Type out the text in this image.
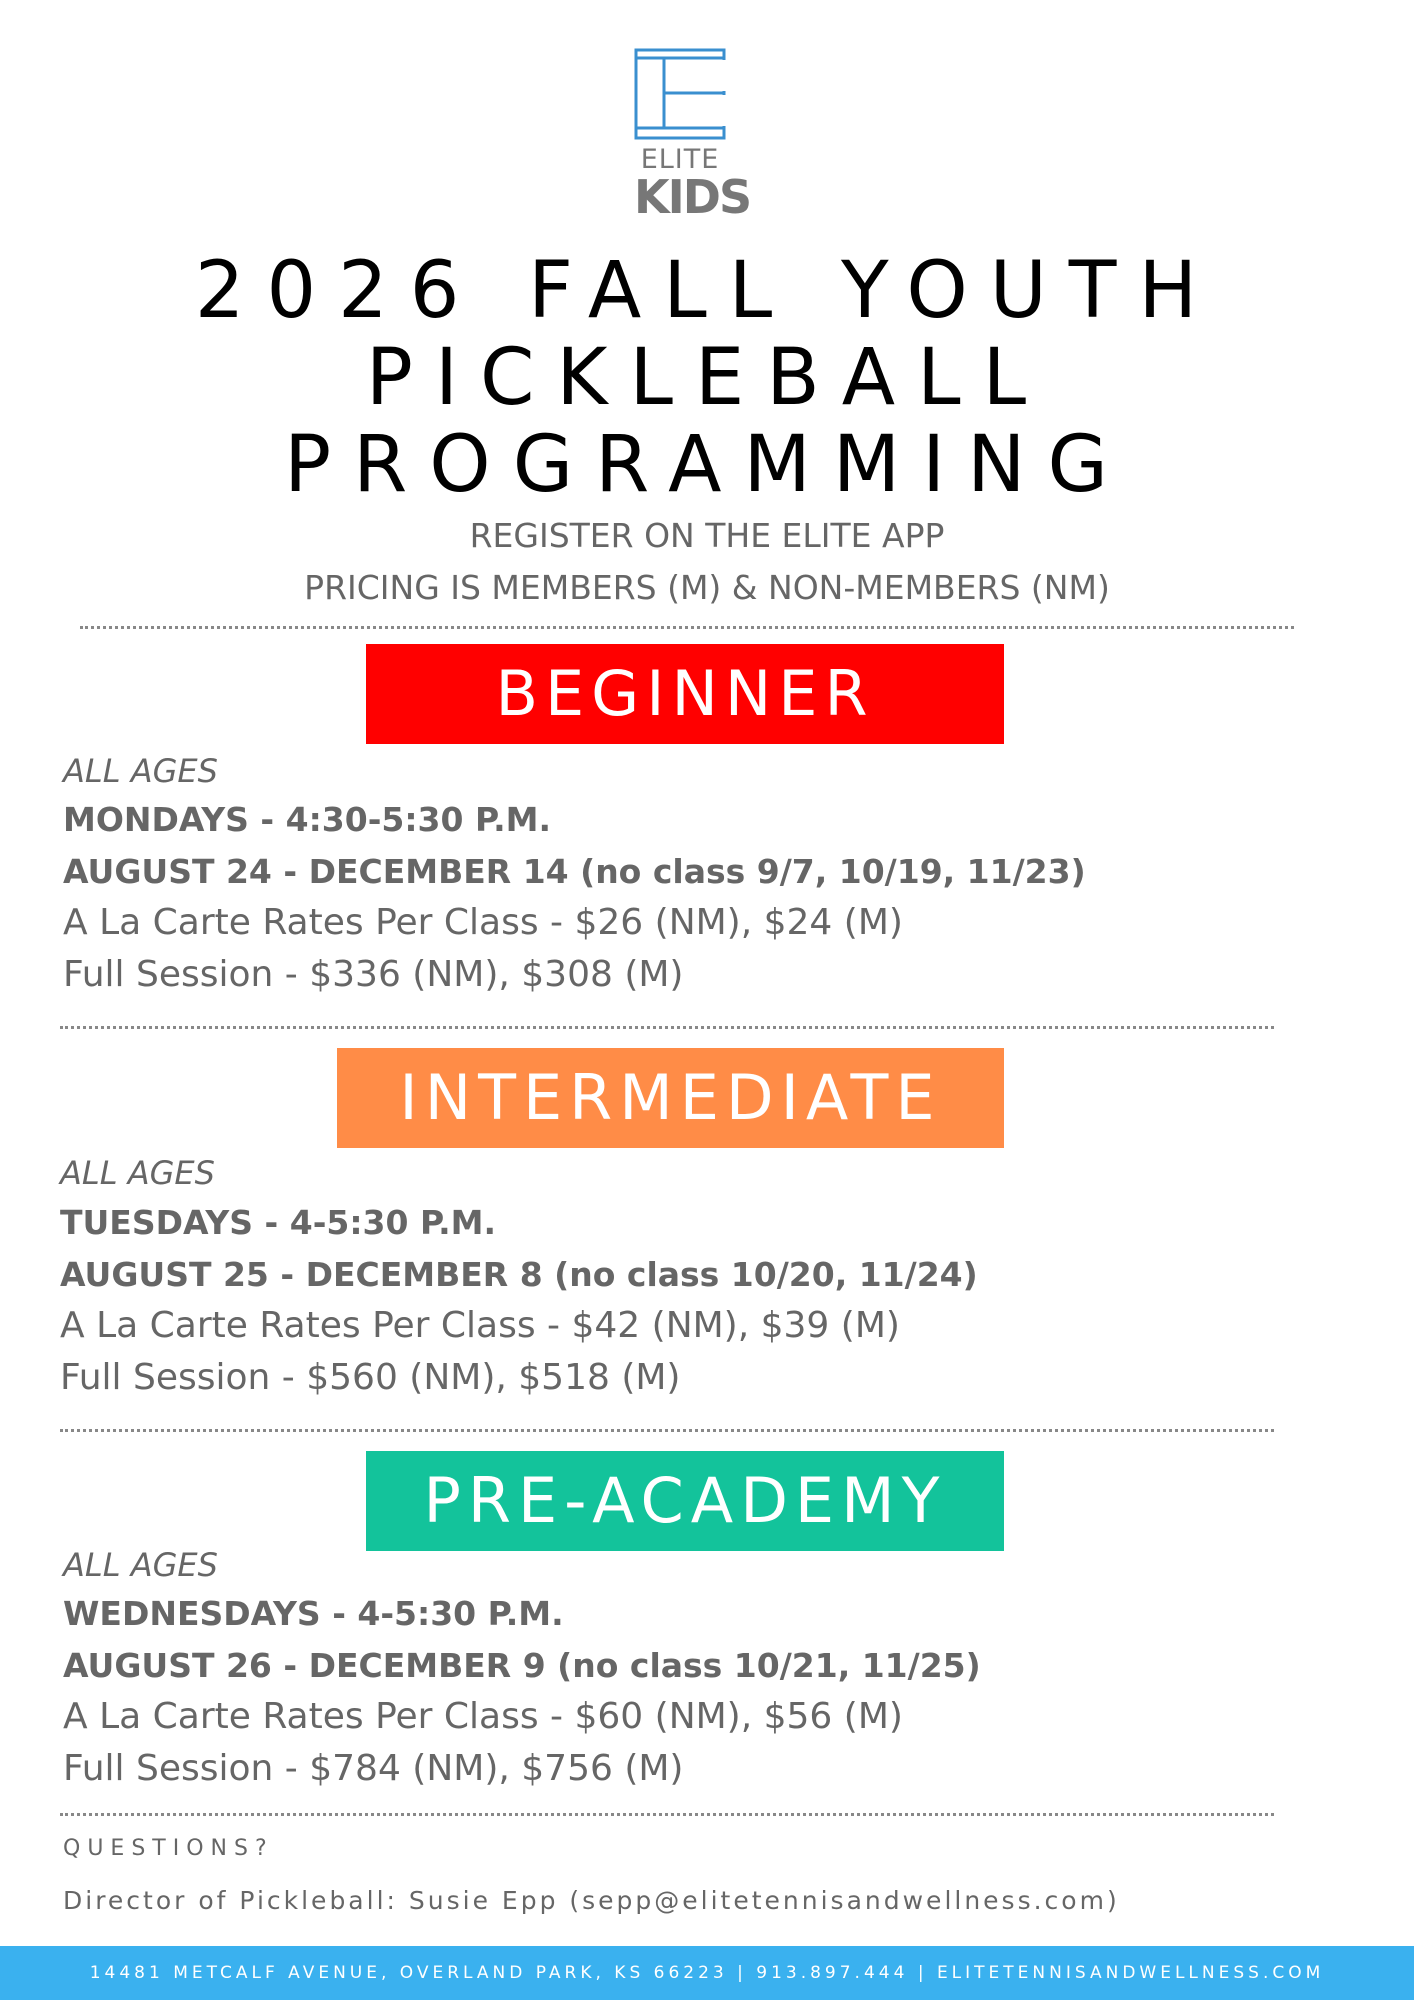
ELITE
KIDS
2026 FALL YOUTH
PICKLEBALL
PROGRAMMING
REGISTER ON THE ELITE APP
PRICING IS MEMBERS (M) & NON-MEMBERS (NM)
BEGINNER
ALL AGES
MONDAYS - 4:30-5:30 P.M.
AUGUST 24 - DECEMBER 14 (no class 9/7, 10/19, 11/23)
A La Carte Rates Per Class - $26 (NM), $24 (M)
Full Session - $336 (NM), $308 (M)
INTERMEDIATE
ALL AGES
TUESDAYS - 4-5:30 P.M.
AUGUST 25 - DECEMBER 8 (no class 10/20, 11/24)
A La Carte Rates Per Class - $42 (NM), $39 (M)
Full Session - $560 (NM), $518 (M)
PRE-ACADEMY
ALL AGES
WEDNESDAYS - 4-5:30 P.M.
AUGUST 26 - DECEMBER 9 (no class 10/21, 11/25)
A La Carte Rates Per Class - $60 (NM), $56 (M)
Full Session - $784 (NM), $756 (M)
QUESTIONS?
Director of Pickleball: Susie Epp (sepp@elitetennisandwellness.com)
14481 METCALF AVENUE, OVERLAND PARK, KS 66223 | 913.897.444 | ELITETENNISANDWELLNESS.COM
